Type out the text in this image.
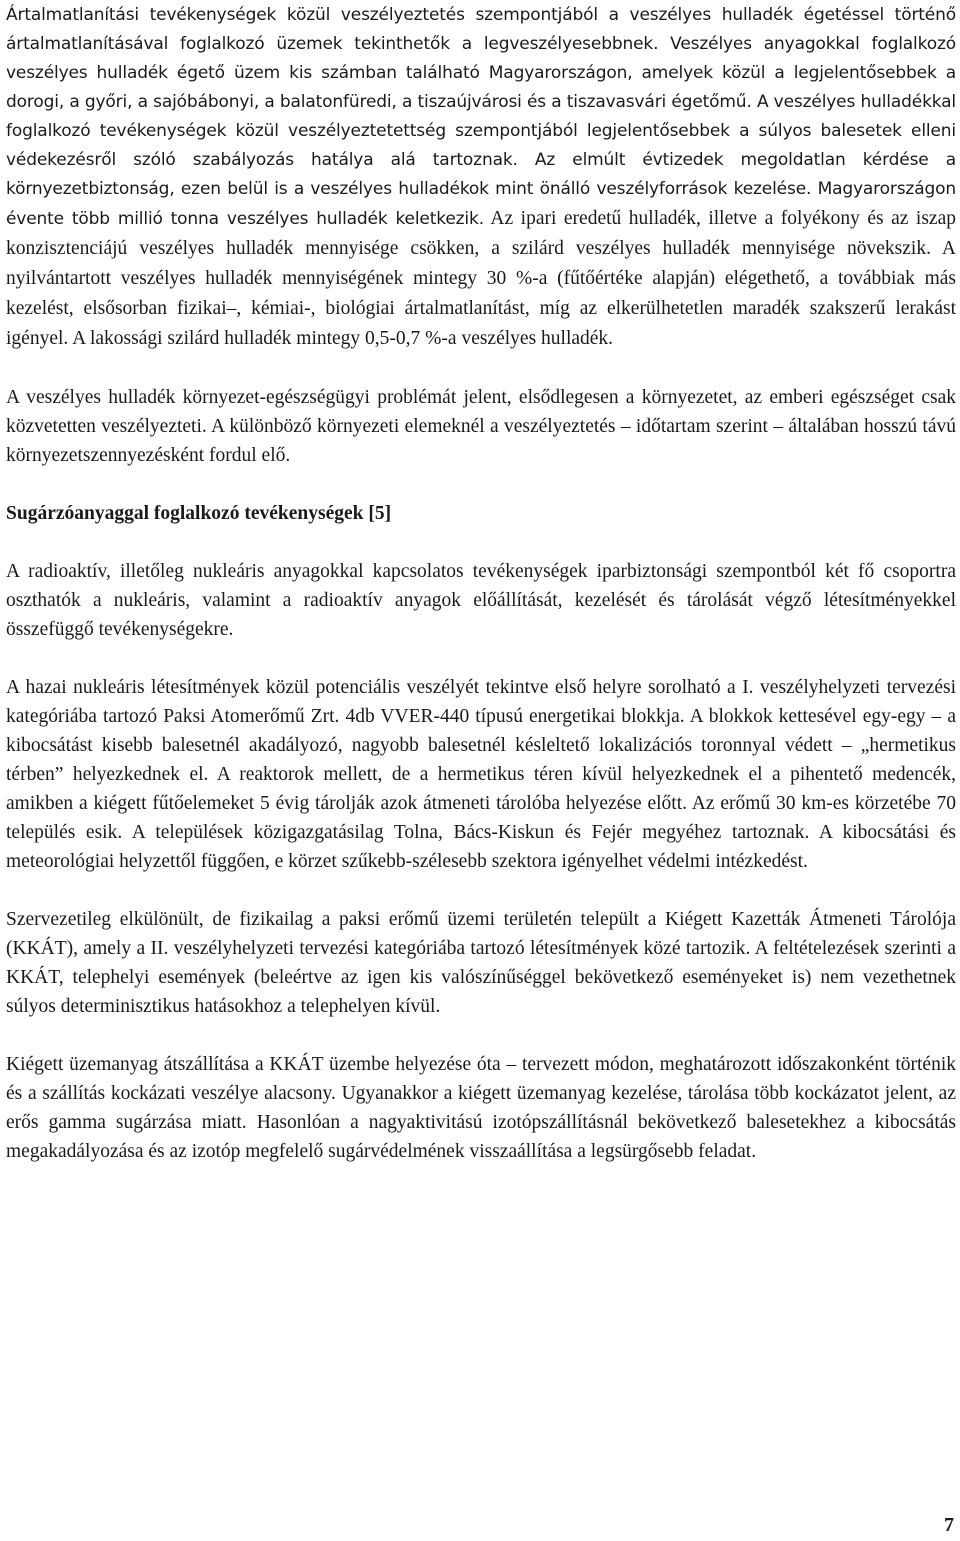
Ártalmatlanítási tevékenységek közül veszélyeztetés szempontjából a veszélyes hulladék égetéssel történő ártalmatlanításával foglalkozó üzemek tekinthetők a legveszélyesebbnek. Veszélyes anyagokkal foglalkozó veszélyes hulladék égető üzem kis számban található Magyarországon, amelyek közül a legjelentősebbek a dorogi, a győri, a sajóbábonyi, a balatonfüredi, a tiszaújvárosi és a tiszavasvári égetőmű. A veszélyes hulladékkal foglalkozó tevékenységek közül veszélyeztetettség szempontjából legjelentősebbek a súlyos balesetek elleni védekezésről szóló szabályozás hatálya alá tartoznak. Az elmúlt évtizedek megoldatlan kérdése a környezetbiztonság, ezen belül is a veszélyes hulladékok mint önálló veszélyforrások kezelése. Magyarországon évente több millió tonna veszélyes hulladék keletkezik. Az ipari eredetű hulladék, illetve a folyékony és az iszap konzisztenciájú veszélyes hulladék mennyisége csökken, a szilárd veszélyes hulladék mennyisége növekszik. A nyilvántartott veszélyes hulladék mennyiségének mintegy 30 %-a (fűtőértéke alapján) elégethető, a továbbiak más kezelést, elsősorban fizikai–, kémiai-, biológiai ártalmatlanítást, míg az elkerülhetetlen maradék szakszerű lerakást igényel. A lakossági szilárd hulladék mintegy 0,5-0,7 %-a veszélyes hulladék.

A veszélyes hulladék környezet-egészségügyi problémát jelent, elsődlegesen a környezetet, az emberi egészséget csak közvetetten veszélyezteti. A különböző környezeti elemeknél a veszélyeztetés – időtartam szerint – általában hosszú távú környezetszennyezésként fordul elő.

Sugárzóanyaggal foglalkozó tevékenységek [5]

A radioaktív, illetőleg nukleáris anyagokkal kapcsolatos tevékenységek iparbiztonsági szempontból két fő csoportra oszthatók a nukleáris, valamint a radioaktív anyagok előállítását, kezelését és tárolását végző létesítményekkel összefüggő tevékenységekre.

A hazai nukleáris létesítmények közül potenciális veszélyét tekintve első helyre sorolható a I. veszélyhelyzeti tervezési kategóriába tartozó Paksi Atomerőmű Zrt. 4db VVER-440 típusú energetikai blokkja. A blokkok kettesével egy-egy – a kibocsátást kisebb balesetnél akadályozó, nagyobb balesetnél késleltető lokalizációs toronnyal védett – „hermetikus térben” helyezkednek el. A reaktorok mellett, de a hermetikus téren kívül helyezkednek el a pihentető medencék, amikben a kiégett fűtőelemeket 5 évig tárolják azok átmeneti tárolóba helyezése előtt. Az erőmű 30 km-es körzetébe 70 település esik. A települések közigazgatásilag Tolna, Bács-Kiskun és Fejér megyéhez tartoznak. A kibocsátási és meteorológiai helyzettől függően, e körzet szűkebb-szélesebb szektora igényelhet védelmi intézkedést.

Szervezetileg elkülönült, de fizikailag a paksi erőmű üzemi területén települt a Kiégett Kazetták Átmeneti Tárolója (KKÁT), amely a II. veszélyhelyzeti tervezési kategóriába tartozó létesítmények közé tartozik. A feltételezések szerinti a KKÁT, telephelyi események (beleértve az igen kis valószínűséggel bekövetkező eseményeket is) nem vezethetnek súlyos determinisztikus hatásokhoz a telephelyen kívül.

Kiégett üzemanyag átszállítása a KKÁT üzembe helyezése óta – tervezett módon, meghatározott időszakonként történik és a szállítás kockázati veszélye alacsony. Ugyanakkor a kiégett üzemanyag kezelése, tárolása több kockázatot jelent, az erős gamma sugárzása miatt. Hasonlóan a nagyaktivitású izotópszállításnál bekövetkező balesetekhez a kibocsátás megakadályozása és az izotóp megfelelő sugárvédelmének visszaállítása a legsürgősebb feladat.

7
